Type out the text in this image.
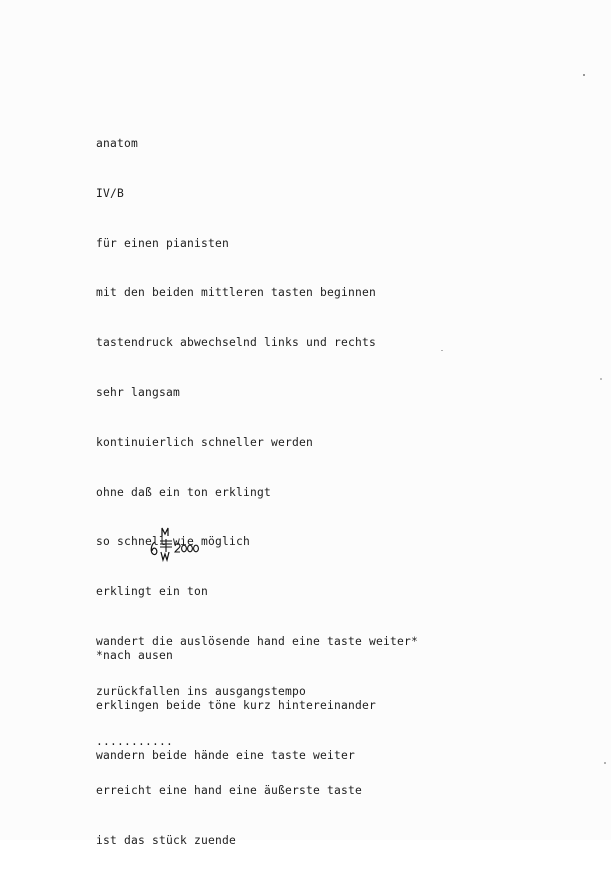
anatom

IV/B

für einen pianisten

mit den beiden mittleren tasten beginnen

tastendruck abwechselnd links und rechts

sehr langsam

kontinuierlich schneller werden

ohne daß ein ton erklingt

so schnell wie möglich

erklingt ein ton

wandert die auslösende hand eine taste weiter*

zurückfallen ins ausgangstempo

...........

erreicht eine hand eine äußerste taste

ist das stück zuende

*nach ausen

erklingen beide töne kurz hintereinander

wandern beide hände eine taste weiter
